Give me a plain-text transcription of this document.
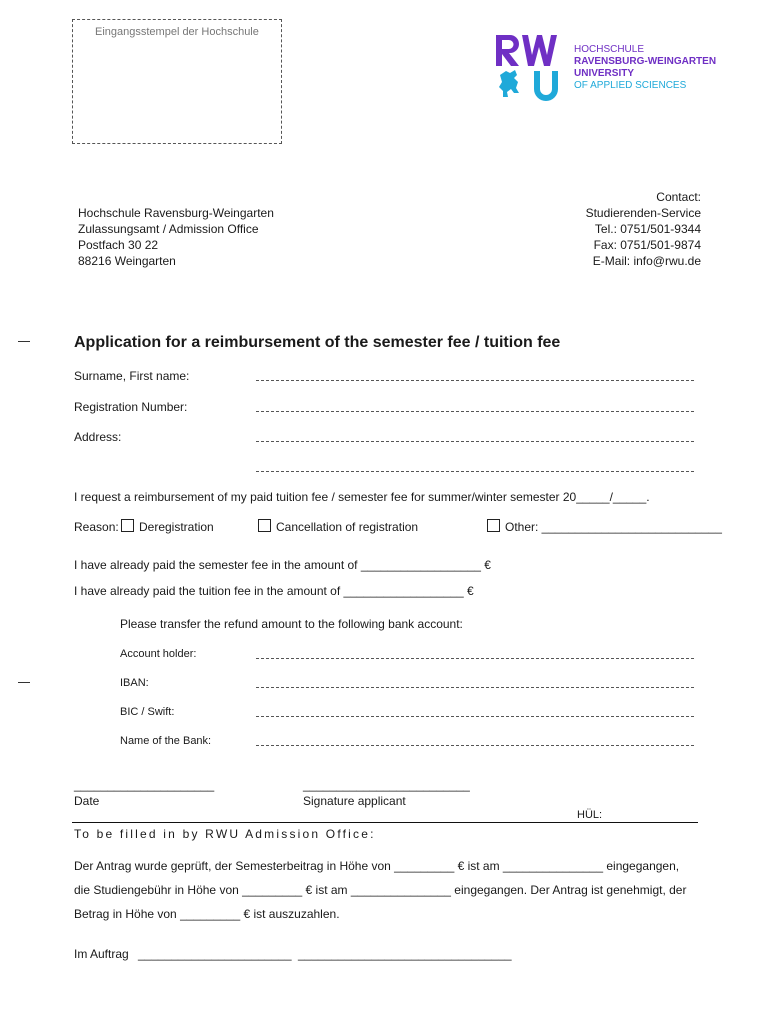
Eingangsstempel der Hochschule
HOCHSCHULE
RAVENSBURG-WEINGARTEN
UNIVERSITY
OF APPLIED SCIENCES
Hochschule Ravensburg-Weingarten
Zulassungsamt / Admission Office
Postfach 30 22
88216 Weingarten
Contact:
Studierenden-Service
Tel.: 0751/501-9344
Fax: 0751/501-9874
E-Mail: info@rwu.de
Application for a reimbursement of the semester fee / tuition fee
Surname, First name:
Registration Number:
Address:
I request a reimbursement of my paid tuition fee / semester fee for summer/winter semester 20_____/_____.
Reason: Deregistration	Cancellation of registration	Other: ___________________________
I have already paid the semester fee in the amount of __________________ €
I have already paid the tuition fee in the amount of __________________ €
Please transfer the refund amount to the following bank account:
Account holder:
IBAN:
BIC / Swift:
Name of the Bank:
_____________________
Date
_________________________
Signature applicant
HÜL:
To be filled in by RWU Admission Office:
Der Antrag wurde geprüft, der Semesterbeitrag in Höhe von _________ € ist am _______________ eingegangen,
die Studiengebühr in Höhe von _________ € ist am _______________ eingegangen. Der Antrag ist genehmigt, der
Betrag in Höhe von _________ € ist auszuzahlen.
Im Auftrag _______________________ ________________________________
